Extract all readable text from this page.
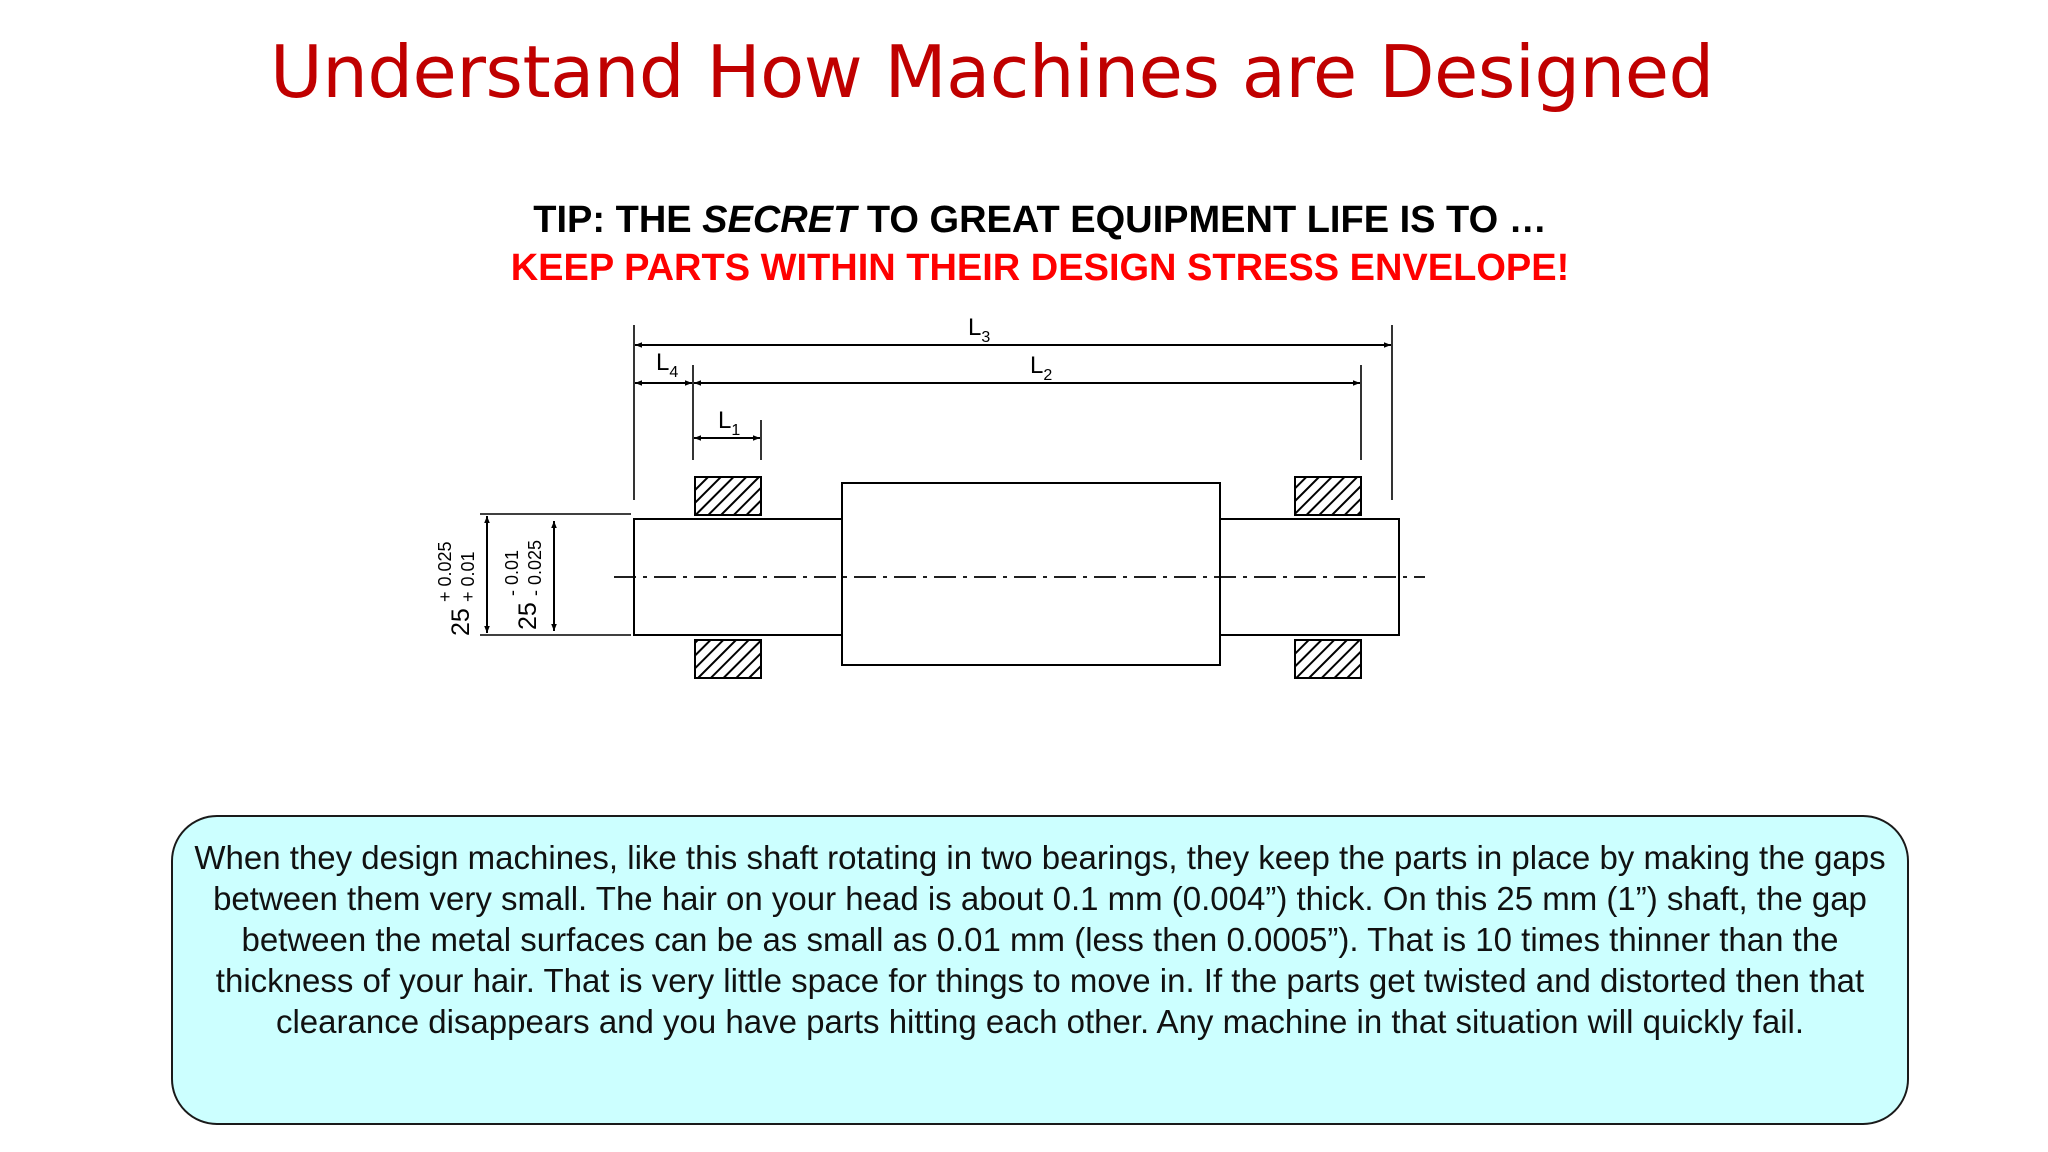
Understand How Machines are Designed
TIP: THE SECRET TO GREAT EQUIPMENT LIFE IS TO …
KEEP PARTS WITHIN THEIR DESIGN STRESS ENVELOPE!
$L_3$
$L_4$	$L_2$
$L_1$
25
+ 0.025 + 0.01
25
- 0.01 - 0.025
When they design machines, like this shaft rotating in two bearings, they keep the parts in place by making the gaps between them very small. The hair on your head is about 0.1 mm (0.004”) thick. On this 25 mm (1”) shaft, the gap between the metal surfaces can be as small as 0.01 mm (less then 0.0005”). That is 10 times thinner than the thickness of your hair. That is very little space for things to move in. If the parts get twisted and distorted then that clearance disappears and you have parts hitting each other. Any machine in that situation will quickly fail.
